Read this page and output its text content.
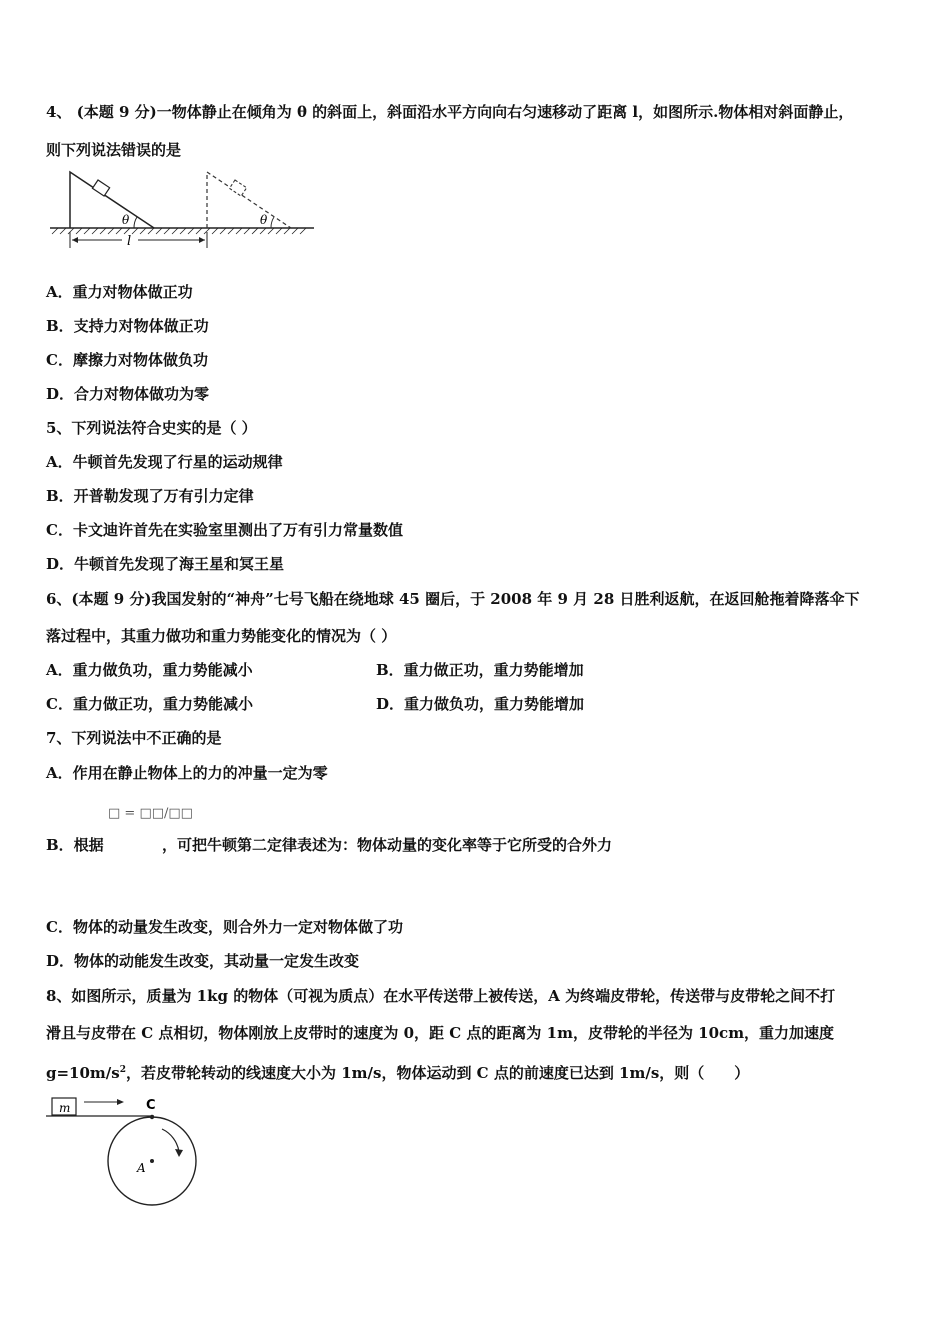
4、 (本题 9 分)一物体静止在倾角为 θ 的斜面上，斜面沿水平方向向右匀速移动了距离 l，如图所示.物体相对斜面静止，
则下列说法错误的是
θ	θ
l
A．重力对物体做正功
B．支持力对物体做正功
C．摩擦力对物体做负功
D．合力对物体做功为零
5、下列说法符合史实的是（ ）
A．牛顿首先发现了行星的运动规律
B．开普勒发现了万有引力定律
C．卡文迪许首先在实验室里测出了万有引力常量数值
D．牛顿首先发现了海王星和冥王星
6、(本题 9 分)我国发射的“神舟”七号飞船在绕地球 45 圈后，于 2008 年 9 月 28 日胜利返航，在返回舱拖着降落伞下
落过程中，其重力做功和重力势能变化的情况为（ ）
A．重力做负功，重力势能减小	B．重力做正功，重力势能增加
C．重力做正功，重力势能减小	D．重力做负功，重力势能增加
7、下列说法中不正确的是
A．作用在静止物体上的力的冲量一定为零
□ = □□/□□
B．根据	，可把牛顿第二定律表述为：物体动量的变化率等于它所受的合外力
C．物体的动量发生改变，则合外力一定对物体做了功
D．物体的动能发生改变，其动量一定发生改变
8、如图所示，质量为 1kg 的物体（可视为质点）在水平传送带上被传送，A 为终端皮带轮，传送带与皮带轮之间不打
滑且与皮带在 C 点相切，物体刚放上皮带时的速度为 0，距 C 点的距离为 1m，皮带轮的半径为 10cm，重力加速度
$g=10m/s^2$，若皮带轮转动的线速度大小为 1m/s，物体运动到 C 点的前速度已达到 1m/s，则（　　）
m	C
A
